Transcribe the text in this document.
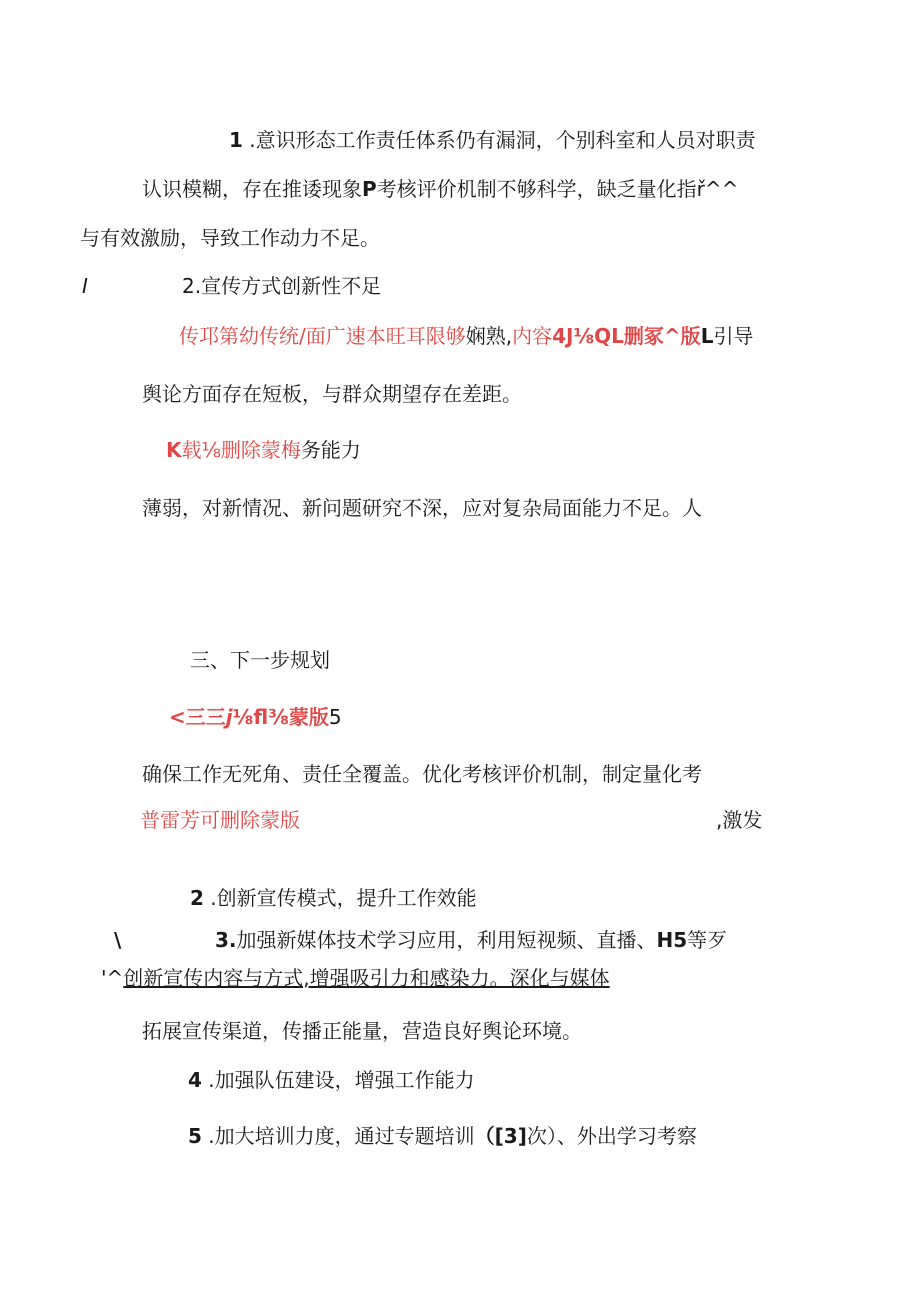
1 .意识形态工作责任体系仍有漏洞，个别科室和人员对职责
认识模糊，存在推诿现象P考核评价机制不够科学，缺乏量化指ř^^
与有效激励，导致工作动力不足。
I	2.宣传方式创新性不足
传邛第幼传统/面广速本旺耳限够娴熟,内容4J⅛QL删冢^版L引导
舆论方面存在短板，与群众期望存在差距。
K载⅛删除蒙梅务能力
薄弱，对新情况、新问题研究不深，应对复杂局面能力不足。人
三、下一步规划
<三三j⅛fl⅜蒙版5
确保工作无死角、责任全覆盖。优化考核评价机制，制定量化考
普雷芳可删除蒙版	,激发
2 .创新宣传模式，提升工作效能
\	3.加强新媒体技术学习应用，利用短视频、直播、H5等歹
'^创新宣传内容与方式,增强吸引力和感染力。深化与媒体
拓展宣传渠道，传播正能量，营造良好舆论环境。
4 .加强队伍建设，增强工作能力
5 .加大培训力度，通过专题培训（[3]次）、外出学习考察
